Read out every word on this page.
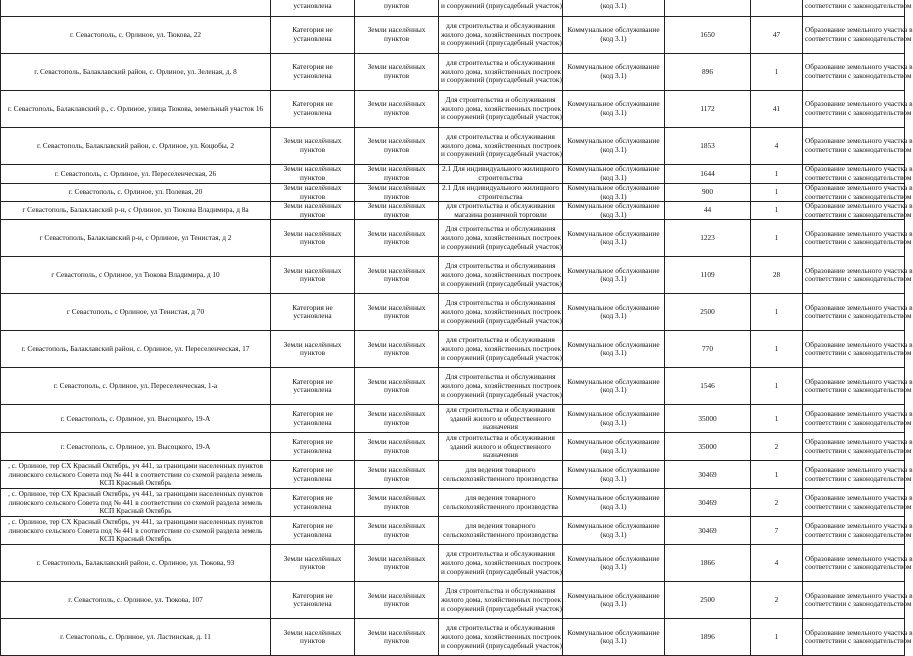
	установлена	пунктов	и сооружений (приусадебный участок)	(код 3.1)			соответствии с законодательством

г. Севастополь, с. Орлиное, ул. Тюкова, 22	Категория не
установлена	Земли населённых
пунктов	для строительства и обслуживания
жилого дома, хозяйственных построек
и сооружений (приусадебный участок)	Коммунальное обслуживание
(код 3.1)	1650	47	Образование земельного участка в
соответствии с законодательством

г. Севастополь, Балаклавский район, с. Орлиное, ул. Зеленая, д. 8	Категория не
установлена	Земли населённых
пунктов	для строительства и обслуживания
жилого дома, хозяйственных построек
и сооружений (приусадебный участок)	Коммунальное обслуживание
(код 3.1)	896	1	Образование земельного участка в
соответствии с законодательством

г. Севастополь, Балаклавский р., с. Орлиное, улица Тюкова, земельный участок 16	Категория не
установлена	Земли населённых
пунктов	Для строительства и обслуживания
жилого дома, хозяйственных построек
и сооружений (приусадебный участок)	Коммунальное обслуживание
(код 3.1)	1172	41	Образование земельного участка в
соответствии с законодательством

г. Севастополь, Балаклавский район, с. Орлиное, ул. Коцюбы, 2	Земли населённых
пунктов	Земли населённых
пунктов	для строительства и обслуживания
жилого дома, хозяйственных построек
и сооружений (приусадебный участок)	Коммунальное обслуживание
(код 3.1)	1853	4	Образование земельного участка в
соответствии с законодательством

г. Севастополь, с. Орлиное, ул. Переселенческая, 26	Земли населённых
пунктов	Земли населённых
пунктов	2.1 Для индивидуального жилищного
строительства	Коммунальное обслуживание
(код 3.1)	1644	1	Образование земельного участка в
соответствии с законодательством

г. Севастополь, с. Орлиное, ул. Полевая, 20	Земли населённых
пунктов	Земли населённых
пунктов	2.1 Для индивидуального жилищного
строительства	Коммунальное обслуживание
(код 3.1)	900	1	Образование земельного участка в
соответствии с законодательством

г Севастополь, Балаклавский р-н, с Орлиное, ул Тюкова Владимира, д 8а	Земли населённых
пунктов	Земли населённых
пунктов	для строительства и обслуживания
магазина розничной торговли	Коммунальное обслуживание
(код 3.1)	44	1	Образование земельного участка в
соответствии с законодательством

г Севастополь, Балаклавский р-н, с Орлиное, ул Тенистая, д 2	Земли населённых
пунктов	Земли населённых
пунктов	Для строительства и обслуживания
жилого дома, хозяйственных построек
и сооружений (приусадебный участок)	Коммунальное обслуживание
(код 3.1)	1223	1	Образование земельного участка в
соответствии с законодательством

г Севастополь, с Орлиное, ул Тюкова Владимира, д 10	Земли населённых
пунктов	Земли населённых
пунктов	Для строительства и обслуживания
жилого дома, хозяйственных построек
и сооружений (приусадебный участок)	Коммунальное обслуживание
(код 3.1)	1109	28	Образование земельного участка в
соответствии с законодательством

г Севастополь, с Орлиное, ул Тенистая, д 70	Категория не
установлена	Земли населённых
пунктов	Для строительства и обслуживания
жилого дома, хозяйственных построек
и сооружений (приусадебный участок)	Коммунальное обслуживание
(код 3.1)	2500	1	Образование земельного участка в
соответствии с законодательством

г. Севастополь, Балаклавский район, с. Орлиное, ул. Переселенческая, 17	Земли населённых
пунктов	Земли населённых
пунктов	для строительства и обслуживания
жилого дома, хозяйственных построек
и сооружений (приусадебный участок)	Коммунальное обслуживание
(код 3.1)	770	1	Образование земельного участка в
соответствии с законодательством

г. Севастополь, с. Орлиное, ул. Переселенческая, 1-а	Категория не
установлена	Земли населённых
пунктов	Для строительства и обслуживания
жилого дома, хозяйственных построек
и сооружений (приусадебный участок)	Коммунальное обслуживание
(код 3.1)	1546	1	Образование земельного участка в
соответствии с законодательством

г. Севастополь, с. Орлиное, ул. Высоцкого, 19-А	Категория не
установлена	Земли населённых
пунктов	для строительства и обслуживания
зданий жилого и общественного
назначения	Коммунальное обслуживание
(код 3.1)	35000	1	Образование земельного участка в
соответствии с законодательством

г. Севастополь, с. Орлиное, ул. Высоцкого, 19-А	Категория не
установлена	Земли населённых
пунктов	для строительства и обслуживания
зданий жилого и общественного
назначения	Коммунальное обслуживание
(код 3.1)	35000	2	Образование земельного участка в
соответствии с законодательством

, с. Орлиное, тер СХ Красный Октябрь, уч 441, за границами населенных пунктов
линовского сельского Совета под № 441 в соответствии со схемой раздела земель
КСП Красный Октябрь	Категория не
установлена	Земли населённых
пунктов	для ведения товарного
сельскохозяйственного производства	Коммунальное обслуживание
(код 3.1)	30469	1	Образование земельного участка в
соответствии с законодательством

, с. Орлиное, тер СХ Красный Октябрь, уч 441, за границами населенных пунктов
линовского сельского Совета под № 441 в соответствии со схемой раздела земель
КСП Красный Октябрь	Категория не
установлена	Земли населённых
пунктов	для ведения товарного
сельскохозяйственного производства	Коммунальное обслуживание
(код 3.1)	30469	2	Образование земельного участка в
соответствии с законодательством

, с. Орлиное, тер СХ Красный Октябрь, уч 441, за границами населенных пунктов
линовского сельского Совета под № 441 в соответствии со схемой раздела земель
КСП Красный Октябрь	Категория не
установлена	Земли населённых
пунктов	для ведения товарного
сельскохозяйственного производства	Коммунальное обслуживание
(код 3.1)	30469	7	Образование земельного участка в
соответствии с законодательством

г. Севастополь, Балаклавский район, с. Орлиное, ул. Тюкова, 93	Земли населённых
пунктов	Земли населённых
пунктов	для строительства и обслуживания
жилого дома, хозяйственных построек
и сооружений (приусадебный участок)	Коммунальное обслуживание
(код 3.1)	1866	4	Образование земельного участка в
соответствии с законодательством

г. Севастополь, с. Орлиное, ул. Тюкова, 107	Категория не
установлена	Земли населённых
пунктов	Для строительства и обслуживания
жилого дома, хозяйственных построек
и сооружений (приусадебный участок)	Коммунальное обслуживание
(код 3.1)	2500	2	Образование земельного участка в
соответствии с законодательством

г. Севастополь, с. Орлиное, ул. Ластинская, д. 11	Земли населённых
пунктов	Земли населённых
пунктов	для строительства и обслуживания
жилого дома, хозяйственных построек
и сооружений (приусадебный участок)	Коммунальное обслуживание
(код 3.1)	1896	1	Образование земельного участка в
соответствии с законодательством
